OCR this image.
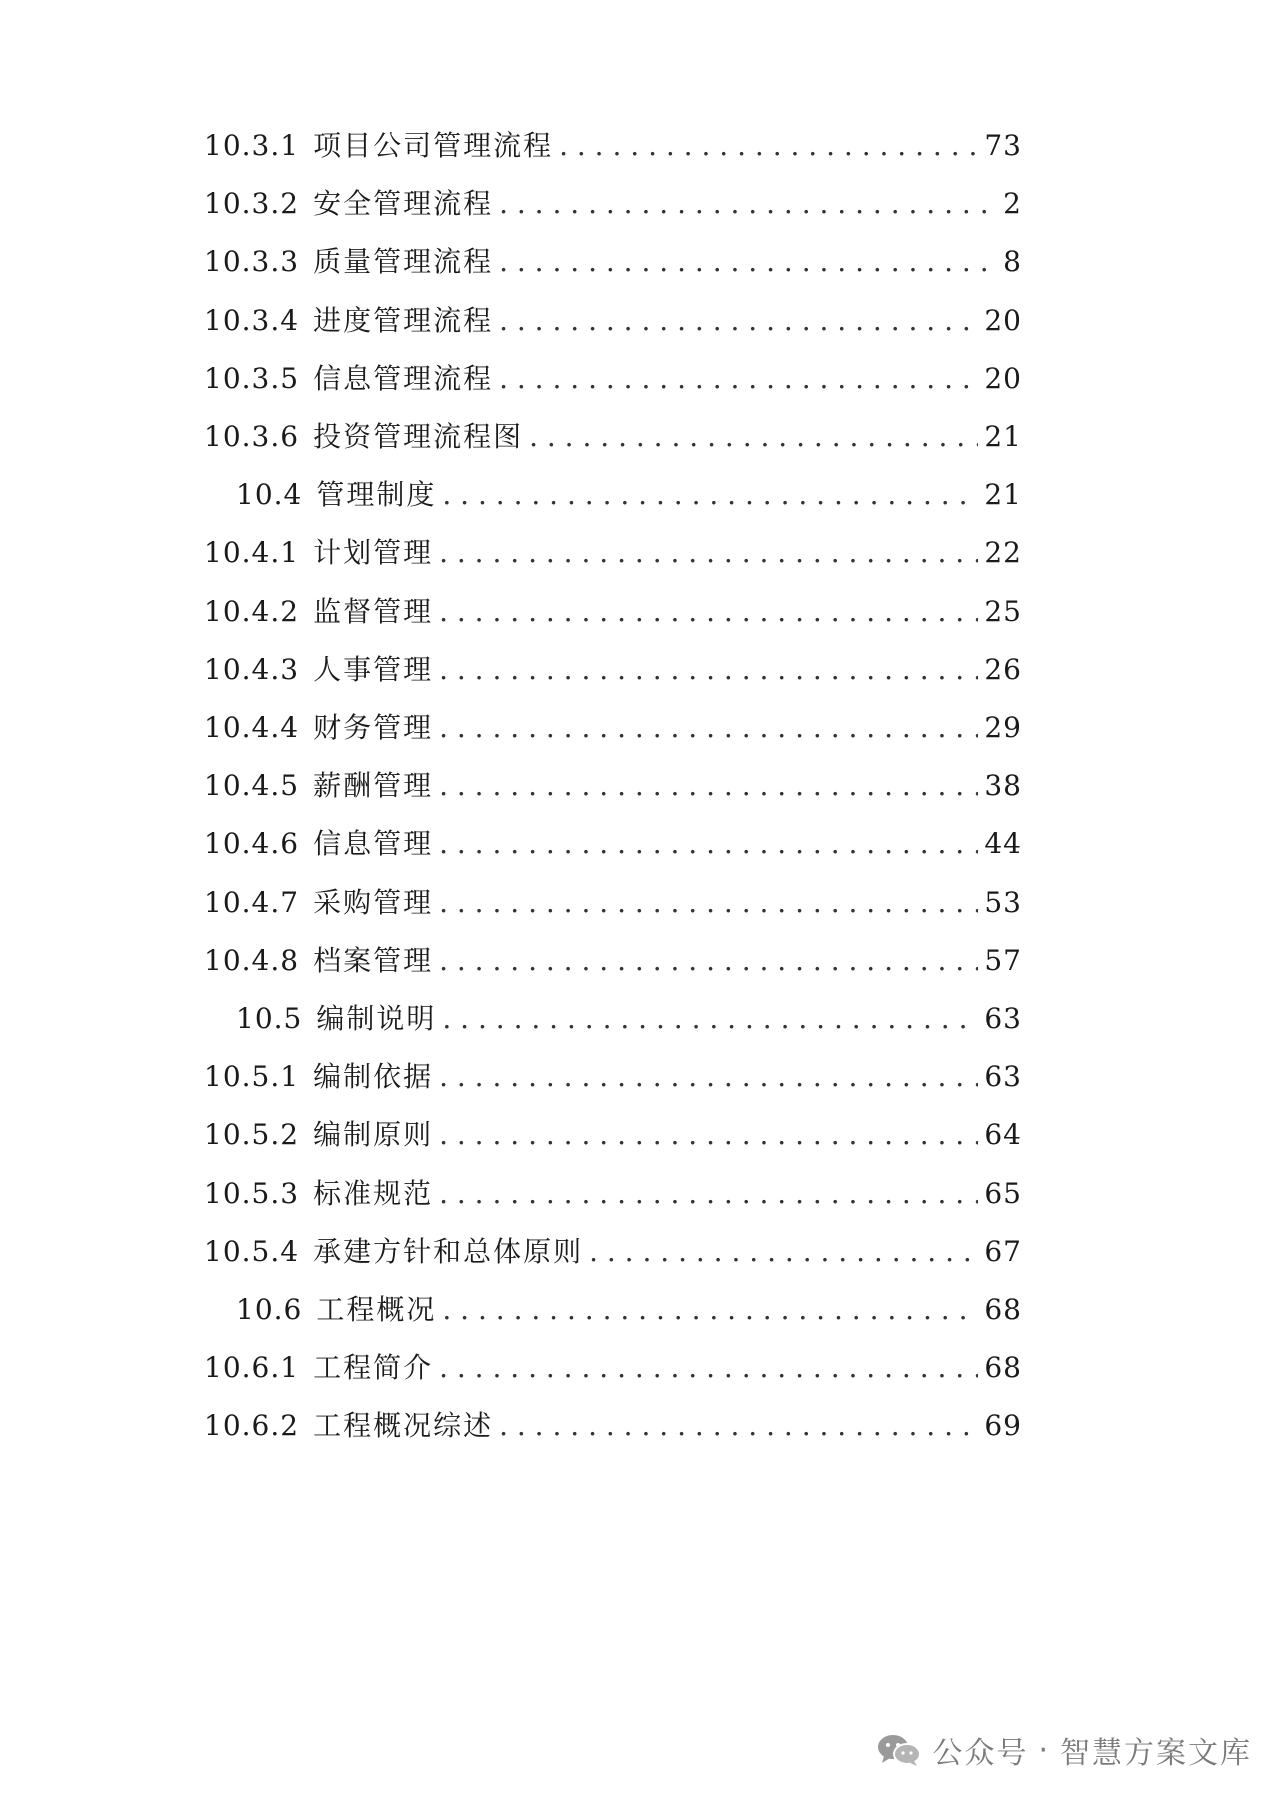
10.3.1 项目公司管理流程 . . .	73
10.3.2 安全管理流程 . . .	2
10.3.3 质量管理流程 . . .	8
10.3.4 进度管理流程 . . .	20
10.3.5 信息管理流程 . . .	20
10.3.6 投资管理流程图 . . .	21
10.4 管理制度 . . .	21
10.4.1 计划管理 . . .	22
10.4.2 监督管理 . . .	25
10.4.3 人事管理 . . .	26
10.4.4 财务管理 . . .	29
10.4.5 薪酬管理 . . .	38
10.4.6 信息管理 . . .	44
10.4.7 采购管理 . . .	53
10.4.8 档案管理 . . .	57
10.5 编制说明 . . .	63
10.5.1 编制依据 . . .	63
10.5.2 编制原则 . . .	64
10.5.3 标准规范 . . .	65
10.5.4 承建方针和总体原则 . . .	67
10.6 工程概况 . . .	68
10.6.1 工程简介 . . .	68
10.6.2 工程概况综述 . . .	69
公众号 · 智慧方案文库
